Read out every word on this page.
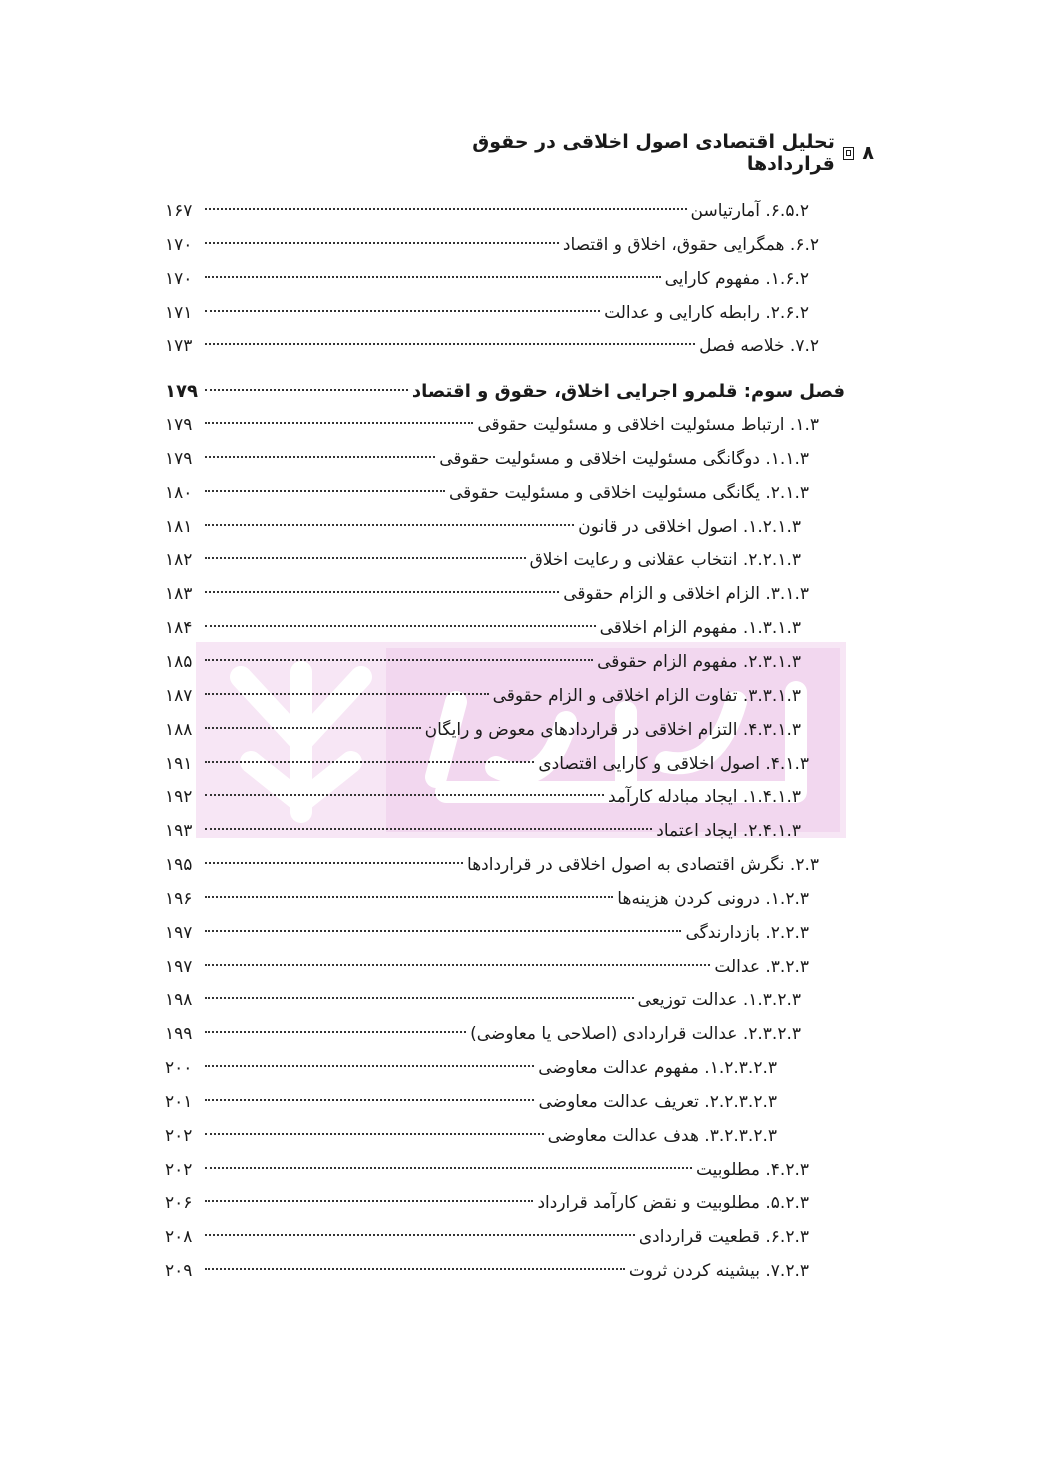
۸
تحلیل اقتصادی اصول اخلاقی در حقوق قراردادها
۶.۵.۲. آمارتیاسن
۱۶۷
۶.۲. همگرایی حقوق، اخلاق و اقتصاد
۱۷۰
۱.۶.۲. مفهوم کارایی
۱۷۰
۲.۶.۲. رابطه کارایی و عدالت
۱۷۱
۷.۲. خلاصه فصل
۱۷۳
فصل سوم: قلمرو اجرایی اخلاق، حقوق و اقتصاد
۱۷۹
۱.۳. ارتباط مسئولیت اخلاقی و مسئولیت حقوقی
۱۷۹
۱.۱.۳. دوگانگی مسئولیت اخلاقی و مسئولیت حقوقی
۱۷۹
۲.۱.۳. یگانگی مسئولیت اخلاقی و مسئولیت حقوقی
۱۸۰
۱.۲.۱.۳. اصول اخلاقی در قانون
۱۸۱
۲.۲.۱.۳. انتخاب عقلانی و رعایت اخلاق
۱۸۲
۳.۱.۳. الزام اخلاقی و الزام حقوقی
۱۸۳
۱.۳.۱.۳. مفهوم الزام اخلاقی
۱۸۴
۲.۳.۱.۳. مفهوم الزام حقوقی
۱۸۵
۳.۳.۱.۳. تفاوت الزام اخلاقی و الزام حقوقی
۱۸۷
۴.۳.۱.۳. التزام اخلاقی در قراردادهای معوض و رایگان
۱۸۸
۴.۱.۳. اصول اخلاقی و کارایی اقتصادی
۱۹۱
۱.۴.۱.۳. ایجاد مبادله کارآمد
۱۹۲
۲.۴.۱.۳. ایجاد اعتماد
۱۹۳
۲.۳. نگرش اقتصادی به اصول اخلاقی در قراردادها
۱۹۵
۱.۲.۳. درونی کردن هزینه‌ها
۱۹۶
۲.۲.۳. بازدارندگی
۱۹۷
۳.۲.۳. عدالت
۱۹۷
۱.۳.۲.۳. عدالت توزیعی
۱۹۸
۲.۳.۲.۳. عدالت قراردادی (اصلاحی یا معاوضی)
۱۹۹
۱.۲.۳.۲.۳. مفهوم عدالت معاوضی
۲۰۰
۲.۲.۳.۲.۳. تعریف عدالت معاوضی
۲۰۱
۳.۲.۳.۲.۳. هدف عدالت معاوضی
۲۰۲
۴.۲.۳. مطلوبیت
۲۰۲
۵.۲.۳. مطلوبیت و نقض کارآمد قرارداد
۲۰۶
۶.۲.۳. قطعیت قراردادی
۲۰۸
۷.۲.۳. بیشینه کردن ثروت
۲۰۹
